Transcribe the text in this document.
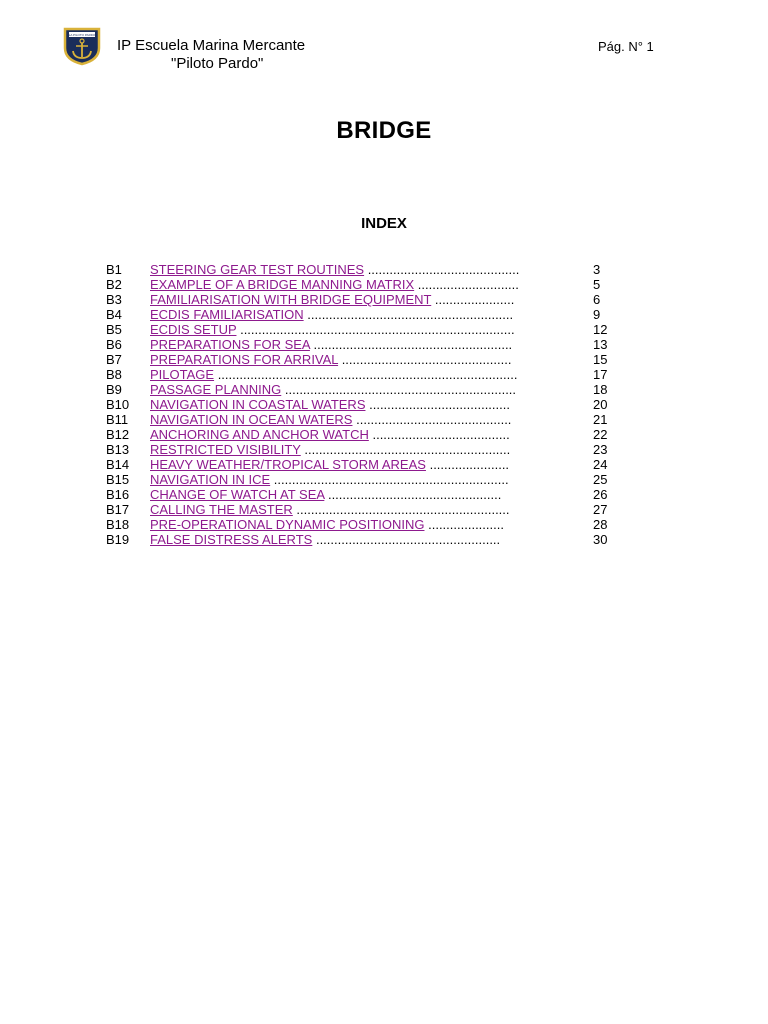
LA PILOTO PARDO
IP Escuela Marina Mercante
"Piloto Pardo"
Pág. N° 1
BRIDGE
INDEX
B1 STEERING GEAR TEST ROUTINES ..........................................	3
B2 EXAMPLE OF A BRIDGE MANNING MATRIX ............................	5
B3 FAMILIARISATION WITH BRIDGE EQUIPMENT ......................	6
B4 ECDIS FAMILIARISATION .........................................................	9
B5 ECDIS SETUP ............................................................................	12
B6 PREPARATIONS FOR SEA .......................................................	13
B7 PREPARATIONS FOR ARRIVAL ...............................................	15
B8 PILOTAGE ...................................................................................	17
B9 PASSAGE PLANNING ................................................................	18
B10 NAVIGATION IN COASTAL WATERS .......................................	20
B11 NAVIGATION IN OCEAN WATERS ...........................................	21
B12 ANCHORING AND ANCHOR WATCH ......................................	22
B13 RESTRICTED VISIBILITY .........................................................	23
B14 HEAVY WEATHER/TROPICAL STORM AREAS ......................	24
B15 NAVIGATION IN ICE .................................................................	25
B16 CHANGE OF WATCH AT SEA ................................................	26
B17 CALLING THE MASTER ...........................................................	27
B18 PRE-OPERATIONAL DYNAMIC POSITIONING .....................	28
B19 FALSE DISTRESS ALERTS ...................................................	30
